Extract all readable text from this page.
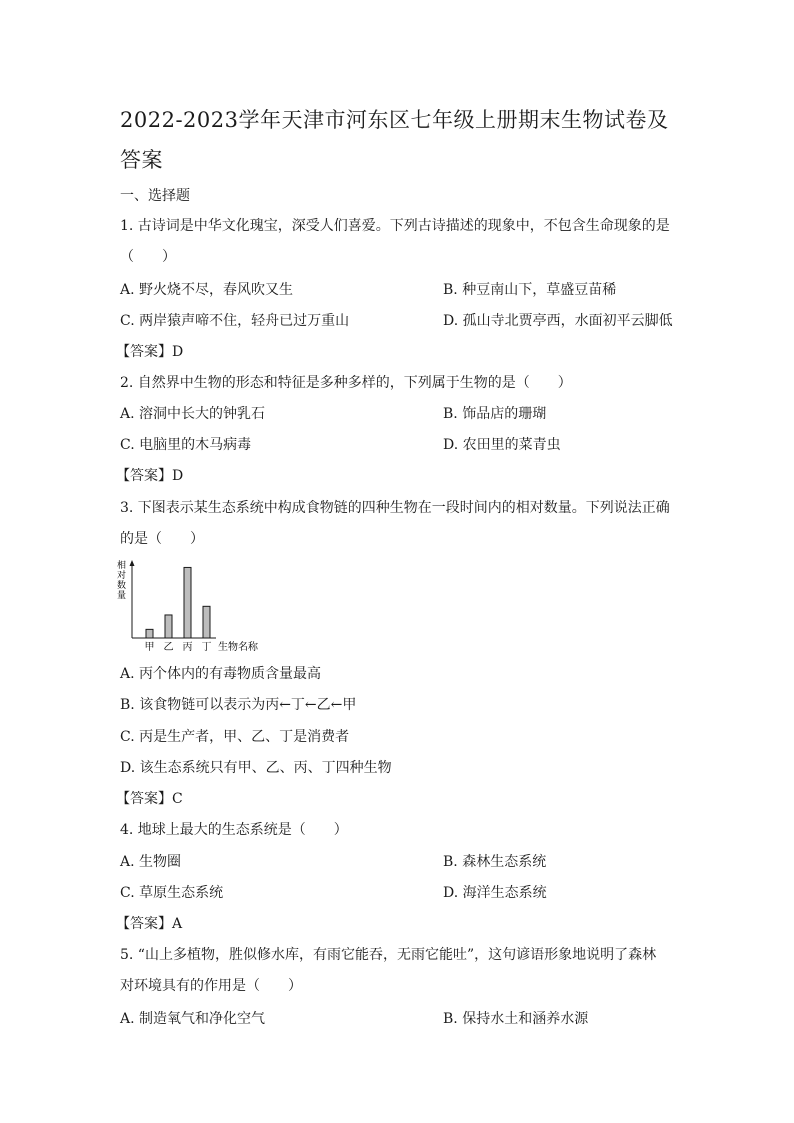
2022-2023学年天津市河东区七年级上册期末生物试卷及答案
一、选择题
1. 古诗词是中华文化瑰宝，深受人们喜爱。下列古诗描述的现象中，不包含生命现象的是
（　　）
A. 野火烧不尽，春风吹又生	B. 种豆南山下，草盛豆苗稀
C. 两岸猿声啼不住，轻舟已过万重山	D. 孤山寺北贾亭西，水面初平云脚低
【答案】D
2. 自然界中生物的形态和特征是多种多样的，下列属于生物的是（　　）
A. 溶洞中长大的钟乳石	B. 饰品店的珊瑚
C. 电脑里的木马病毒	D. 农田里的菜青虫
【答案】D
3. 下图表示某生态系统中构成食物链的四种生物在一段时间内的相对数量。下列说法正确
的是（　　）
相对数量
甲 乙 丙 丁 生物名称
A. 丙个体内的有毒物质含量最高
B. 该食物链可以表示为丙←丁←乙←甲
C. 丙是生产者，甲、乙、丁是消费者
D. 该生态系统只有甲、乙、丙、丁四种生物
【答案】C
4. 地球上最大的生态系统是（　　）
A. 生物圈	B. 森林生态系统
C. 草原生态系统	D. 海洋生态系统
【答案】A
5. “山上多植物，胜似修水库，有雨它能吞，无雨它能吐”，这句谚语形象地说明了森林
对环境具有的作用是（　　）
A. 制造氧气和净化空气	B. 保持水土和涵养水源
